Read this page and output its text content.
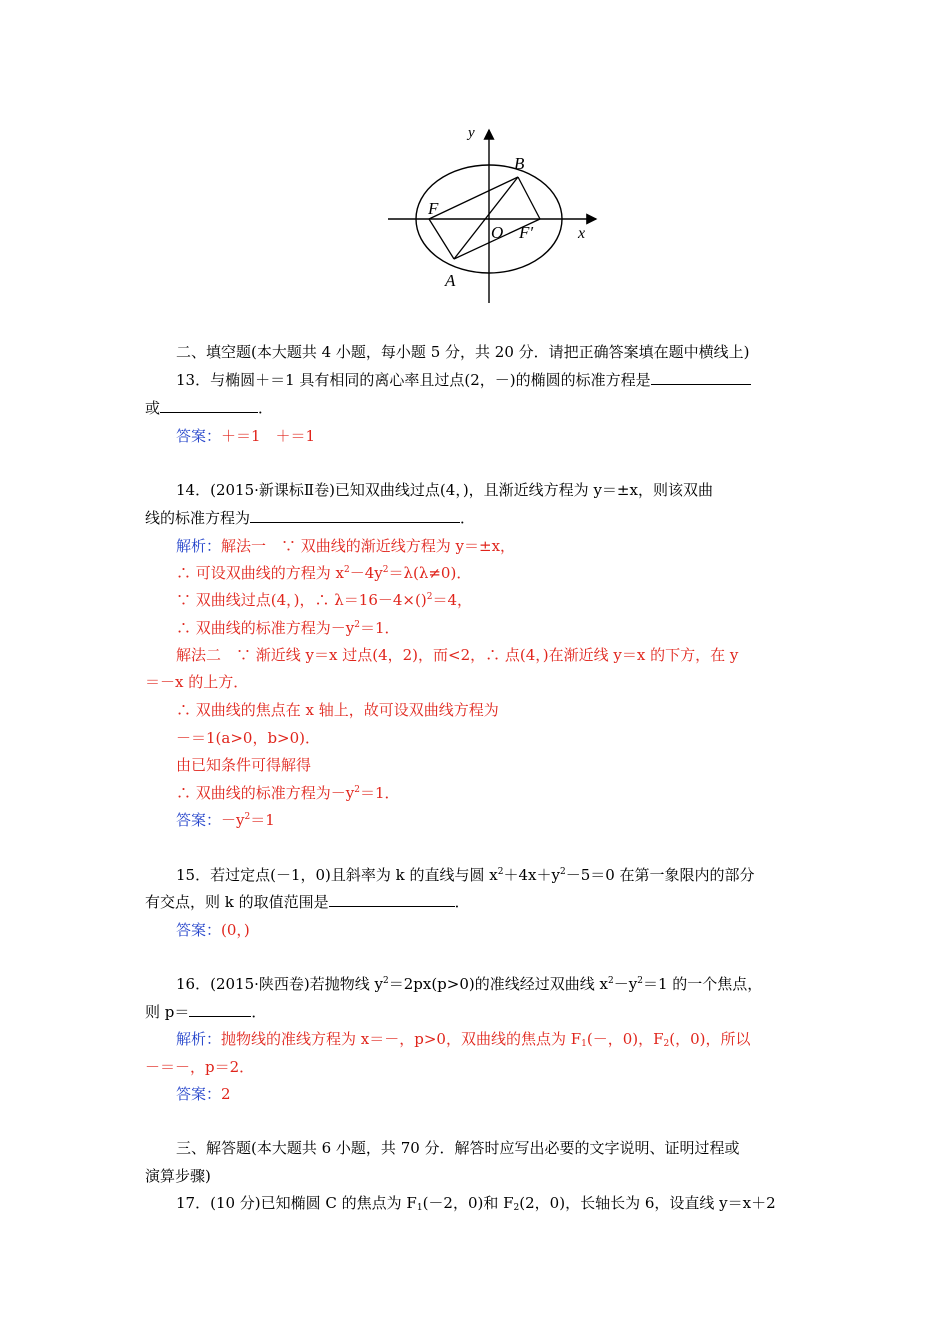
y
B
F
O F′	x
A
二、填空题(本大题共 4 小题，每小题 5 分，共 20 分．请把正确答案填在题中横线上)
13．与椭圆＋＝1 具有相同的离心率且过点(2，－)的椭圆的标准方程是
或	．
答案：＋＝1　＋＝1
14．(2015·新课标Ⅱ卷)已知双曲线过点(4，)，且渐近线方程为 y＝±x，则该双曲
线的标准方程为	．
解析：解法一　∵ 双曲线的渐近线方程为 y＝±x，
∴ 可设双曲线的方程为 $x^2-4y^2=\lambda(\lambda\ne 0)$．
∵ 双曲线过点(4，)，∴ λ＝16－4×()$^2$＝4，
∴ 双曲线的标准方程为$-y^2=1$．
解法二　∵ 渐近线 y＝x 过点(4，2)，而<2，∴ 点(4，)在渐近线 y＝x 的下方，在 y
＝－x 的上方．
∴ 双曲线的焦点在 x 轴上，故可设双曲线方程为
－＝1(a>0，b>0)．
由已知条件可得解得
∴ 双曲线的标准方程为$-y^2=1$．
答案：$-y^2=1$
15．若过定点(－1，0)且斜率为 k 的直线与圆 $x^2+4x+y^2-5=0$ 在第一象限内的部分
有交点，则 k 的取值范围是	．
答案：(0，)
16．(2015·陕西卷)若抛物线 $y^2=2px(p>0)$的准线经过双曲线 $x^2-y^2=1$ 的一个焦点，
则 p＝	．
解析：抛物线的准线方程为 x＝－，p>0，双曲线的焦点为 $F_1(-$，0)，$F_2$(，0)，所以
－＝－，p＝2．
答案：2
三、解答题(本大题共 6 小题，共 70 分．解答时应写出必要的文字说明、证明过程或
演算步骤)
17．(10 分)已知椭圆 C 的焦点为 $F_1(-2$，0)和 $F_2(2$，0)，长轴长为 6，设直线 y＝x＋2
